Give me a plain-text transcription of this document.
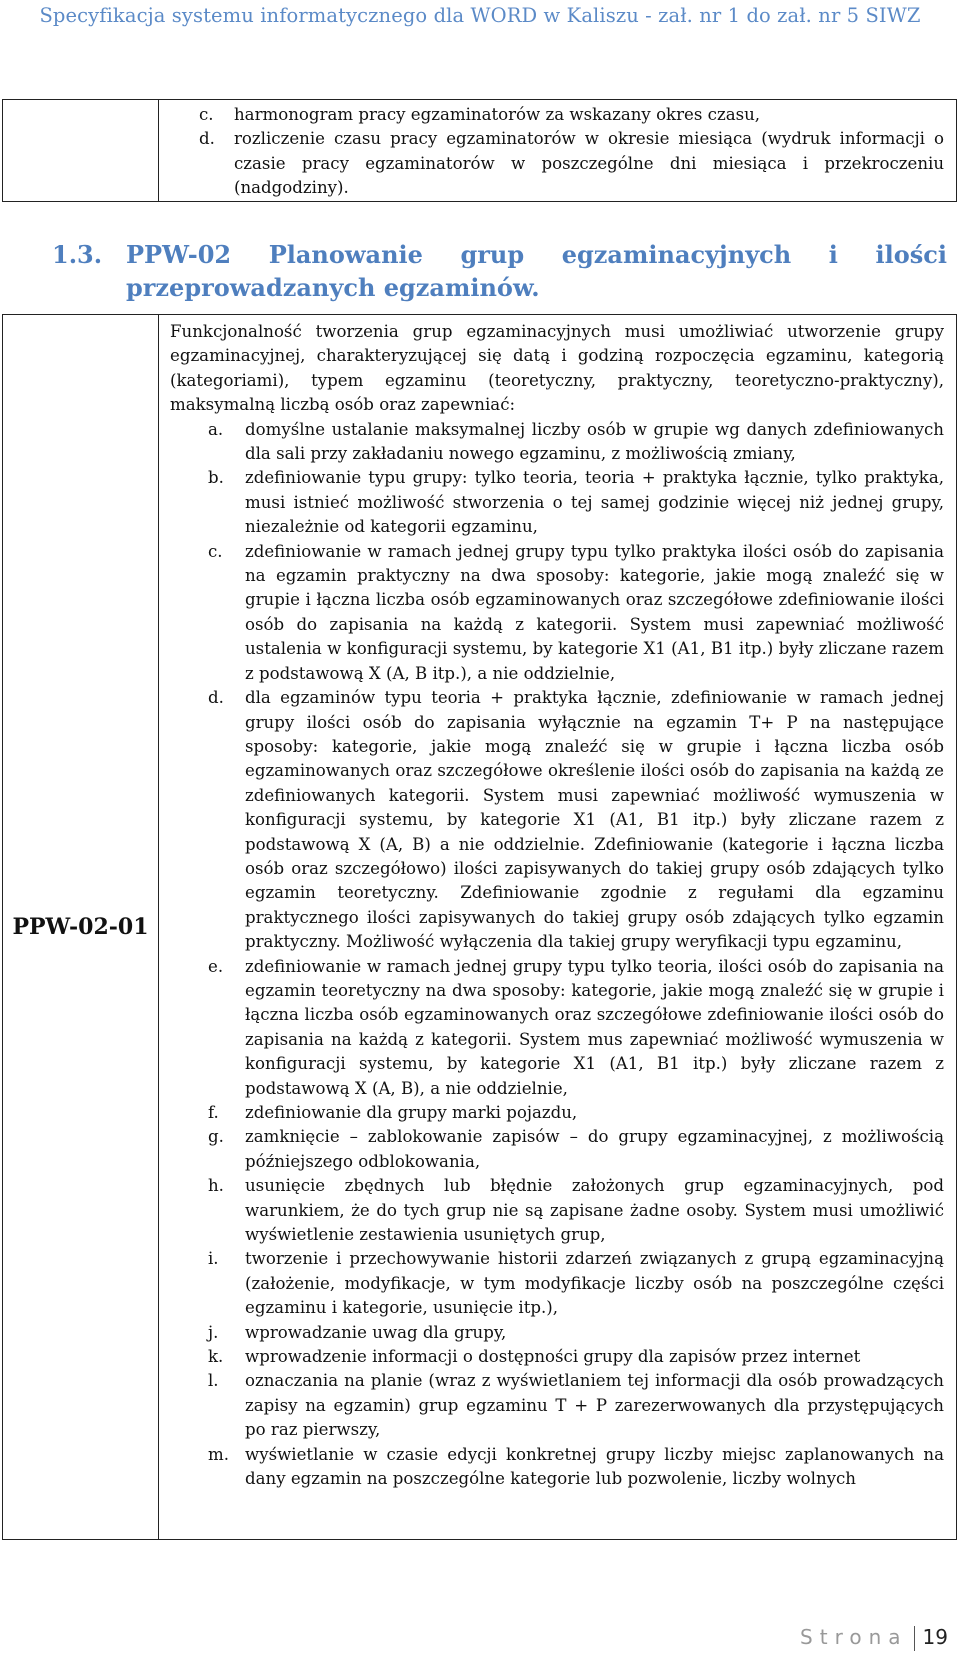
Specyfikacja systemu informatycznego dla WORD w Kaliszu - zał. nr 1 do zał. nr 5 SIWZ

c. harmonogram pracy egzaminatorów za wskazany okres czasu,
d. rozliczenie czasu pracy egzaminatorów w okresie miesiąca (wydruk informacji o czasie pracy egzaminatorów w poszczególne dni miesiąca i przekroczeniu (nadgodziny).
1.3. PPW-02 Planowanie grup egzaminacyjnych i ilości
przeprowadzanych egzaminów.
PPW-02-01	
Funkcjonalność tworzenia grup egzaminacyjnych musi umożliwiać utworzenie grupy egzaminacyjnej, charakteryzującej się datą i godziną rozpoczęcia egzaminu, kategorią (kategoriami), typem egzaminu (teoretyczny, praktyczny, teoretyczno-praktyczny), maksymalną liczbą osób oraz zapewniać:
a. domyślne ustalanie maksymalnej liczby osób w grupie wg danych zdefiniowanych dla sali przy zakładaniu nowego egzaminu, z możliwością zmiany,
b. zdefiniowanie typu grupy: tylko teoria, teoria + praktyka łącznie, tylko praktyka, musi istnieć możliwość stworzenia o tej samej godzinie więcej niż jednej grupy, niezależnie od kategorii egzaminu,
c. zdefiniowanie w ramach jednej grupy typu tylko praktyka ilości osób do zapisania na egzamin praktyczny na dwa sposoby: kategorie, jakie mogą znaleźć się w grupie i łączna liczba osób egzaminowanych oraz szczegółowe zdefiniowanie ilości osób do zapisania na każdą z kategorii. System musi zapewniać możliwość ustalenia w konfiguracji systemu, by kategorie X1 (A1, B1 itp.) były zliczane razem z podstawową X (A, B itp.), a nie oddzielnie,
d. dla egzaminów typu teoria + praktyka łącznie, zdefiniowanie w ramach jednej grupy ilości osób do zapisania wyłącznie na egzamin T+ P na następujące sposoby: kategorie, jakie mogą znaleźć się w grupie i łączna liczba osób egzaminowanych oraz szczegółowe określenie ilości osób do zapisania na każdą ze zdefiniowanych kategorii. System musi zapewniać możliwość wymuszenia w konfiguracji systemu, by kategorie X1 (A1, B1 itp.) były zliczane razem z podstawową X (A, B) a nie oddzielnie. Zdefiniowanie (kategorie i łączna liczba osób oraz szczegółowo) ilości zapisywanych do takiej grupy osób zdających tylko egzamin teoretyczny. Zdefiniowanie zgodnie z regułami dla egzaminu praktycznego ilości zapisywanych do takiej grupy osób zdających tylko egzamin praktyczny. Możliwość wyłączenia dla takiej grupy weryfikacji typu egzaminu,
e. zdefiniowanie w ramach jednej grupy typu tylko teoria, ilości osób do zapisania na egzamin teoretyczny na dwa sposoby: kategorie, jakie mogą znaleźć się w grupie i łączna liczba osób egzaminowanych oraz szczegółowe zdefiniowanie ilości osób do zapisania na każdą z kategorii. System mus zapewniać możliwość wymuszenia w konfiguracji systemu, by kategorie X1 (A1, B1 itp.) były zliczane razem z podstawową X (A, B), a nie oddzielnie,
f. zdefiniowanie dla grupy marki pojazdu,
g. zamknięcie – zablokowanie zapisów – do grupy egzaminacyjnej, z możliwością późniejszego odblokowania,
h. usunięcie zbędnych lub błędnie założonych grup egzaminacyjnych, pod warunkiem, że do tych grup nie są zapisane żadne osoby. System musi umożliwić wyświetlenie zestawienia usuniętych grup,
i. tworzenie i przechowywanie historii zdarzeń związanych z grupą egzaminacyjną (założenie, modyfikacje, w tym modyfikacje liczby osób na poszczególne części egzaminu i kategorie, usunięcie itp.),
j. wprowadzanie uwag dla grupy,
k. wprowadzenie informacji o dostępności grupy dla zapisów przez internet
l. oznaczania na planie (wraz z wyświetlaniem tej informacji dla osób prowadzących zapisy na egzamin) grup egzaminu T + P zarezerwowanych dla przystępujących po raz pierwszy,
m. wyświetlanie w czasie edycji konkretnej grupy liczby miejsc zaplanowanych na dany egzamin na poszczególne kategorie lub pozwolenie, liczby wolnych
Strona 19
